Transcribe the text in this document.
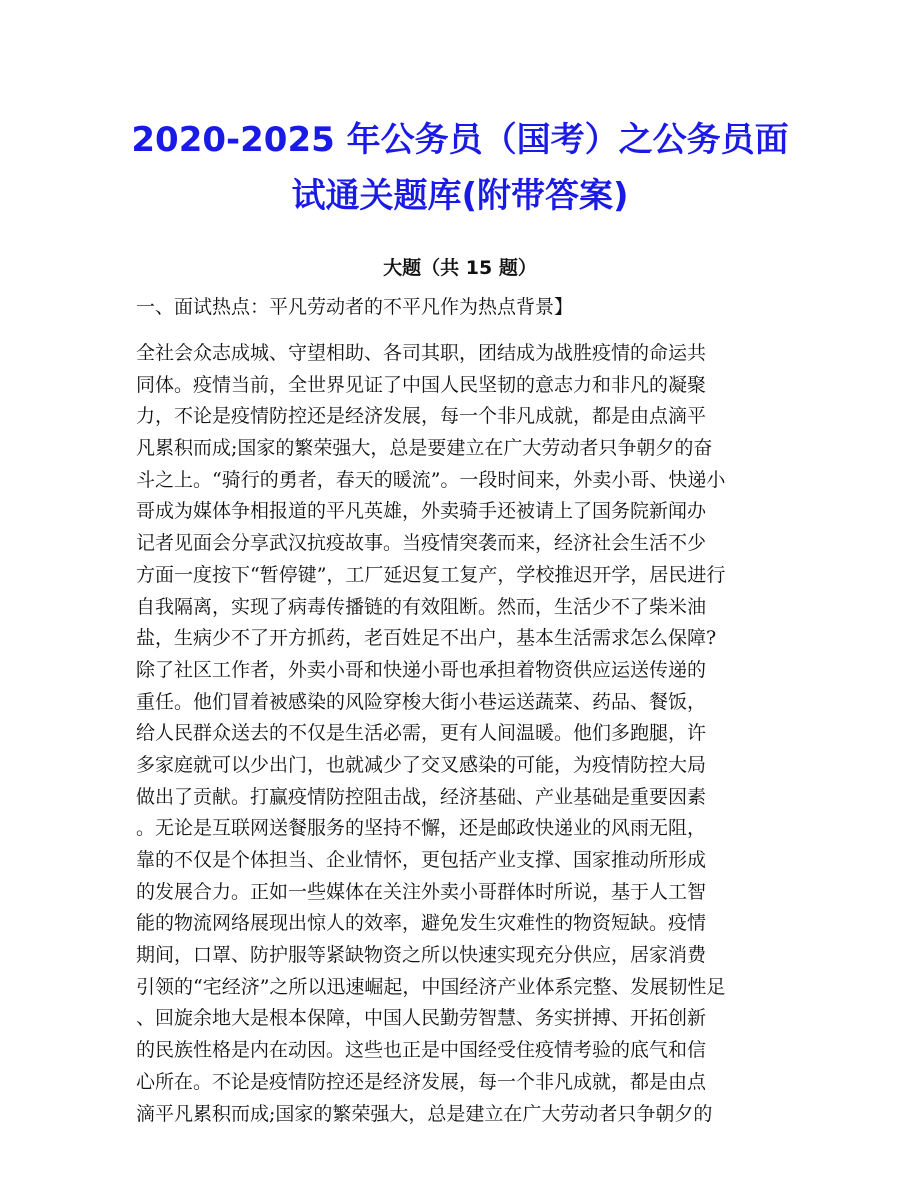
2020-2025 年公务员（国考）之公务员面
试通关题库(附带答案)
大题（共 15 题）

一、面试热点：平凡劳动者的不平凡作为热点背景】

全社会众志成城、守望相助、各司其职，团结成为战胜疫情的命运共
同体。疫情当前，全世界见证了中国人民坚韧的意志力和非凡的凝聚
力，不论是疫情防控还是经济发展，每一个非凡成就，都是由点滴平
凡累积而成;国家的繁荣强大，总是要建立在广大劳动者只争朝夕的奋
斗之上。“骑行的勇者，春天的暖流”。一段时间来，外卖小哥、快递小
哥成为媒体争相报道的平凡英雄，外卖骑手还被请上了国务院新闻办
记者见面会分享武汉抗疫故事。当疫情突袭而来，经济社会生活不少
方面一度按下“暂停键”，工厂延迟复工复产，学校推迟开学，居民进行
自我隔离，实现了病毒传播链的有效阻断。然而，生活少不了柴米油
盐，生病少不了开方抓药，老百姓足不出户，基本生活需求怎么保障?
除了社区工作者，外卖小哥和快递小哥也承担着物资供应运送传递的
重任。他们冒着被感染的风险穿梭大街小巷运送蔬菜、药品、餐饭，
给人民群众送去的不仅是生活必需，更有人间温暖。他们多跑腿，许
多家庭就可以少出门，也就减少了交叉感染的可能，为疫情防控大局
做出了贡献。打赢疫情防控阻击战，经济基础、产业基础是重要因素
。无论是互联网送餐服务的坚持不懈，还是邮政快递业的风雨无阻，
靠的不仅是个体担当、企业情怀，更包括产业支撑、国家推动所形成
的发展合力。正如一些媒体在关注外卖小哥群体时所说，基于人工智
能的物流网络展现出惊人的效率，避免发生灾难性的物资短缺。疫情
期间，口罩、防护服等紧缺物资之所以快速实现充分供应，居家消费
引领的“宅经济”之所以迅速崛起，中国经济产业体系完整、发展韧性足
、回旋余地大是根本保障，中国人民勤劳智慧、务实拼搏、开拓创新
的民族性格是内在动因。这些也正是中国经受住疫情考验的底气和信
心所在。不论是疫情防控还是经济发展，每一个非凡成就，都是由点
滴平凡累积而成;国家的繁荣强大，总是建立在广大劳动者只争朝夕的
